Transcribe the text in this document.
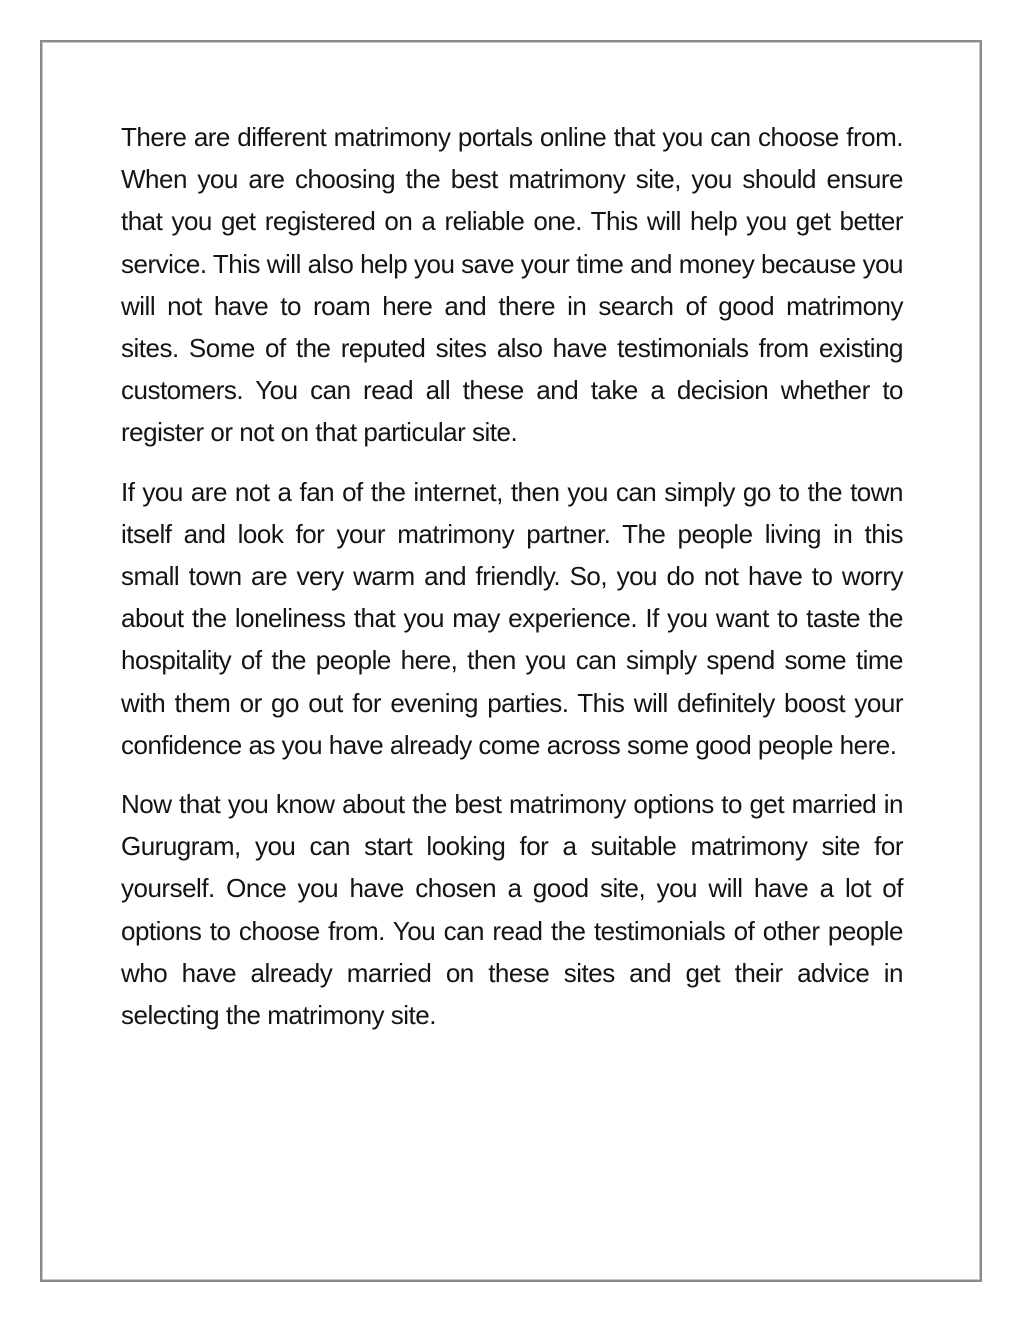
There are different matrimony portals online that you can choose from. When you are choosing the best matrimony site, you should ensure that you get registered on a reliable one. This will help you get better service. This will also help you save your time and money because you will not have to roam here and there in search of good matrimony sites. Some of the reputed sites also have testimonials from existing customers. You can read all these and take a decision whether to register or not on that particular site.

If you are not a fan of the internet, then you can simply go to the town itself and look for your matrimony partner. The people living in this small town are very warm and friendly. So, you do not have to worry about the loneliness that you may experience. If you want to taste the hospitality of the people here, then you can simply spend some time with them or go out for evening parties. This will definitely boost your confidence as you have already come across some good people here.

Now that you know about the best matrimony options to get married in Gurugram, you can start looking for a suitable matrimony site for yourself. Once you have chosen a good site, you will have a lot of options to choose from. You can read the testimonials of other people who have already married on these sites and get their advice in selecting the matrimony site.
